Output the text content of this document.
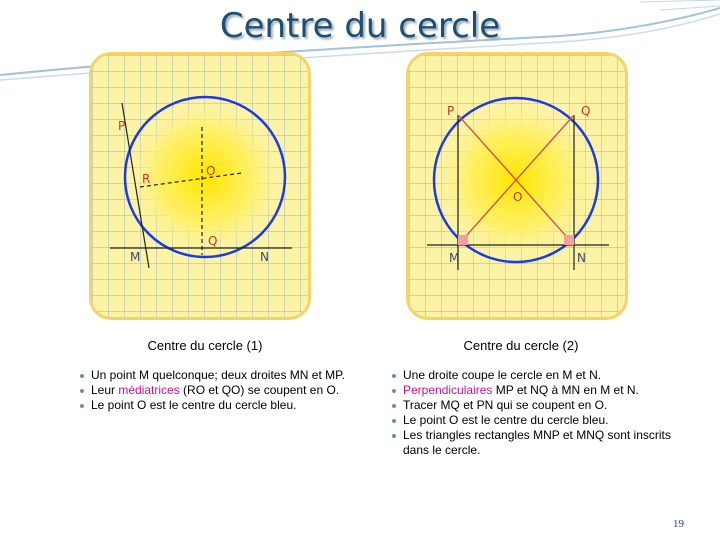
Centre du cercle
P
R
O
Q
M	N
P	Q
O
M	N
Centre du cercle (1)	Centre du cercle (2)
Un point M quelconque; deux droites MN et MP.
Leur médiatrices (RO et QO) se coupent en O.
Le point O est le centre du cercle bleu.
Une droite coupe le cercle en M et N.
Perpendiculaires MP et NQ à MN en M et N.
Tracer MQ et PN qui se coupent en O.
Le point O est le centre du cercle bleu.
Les triangles rectangles MNP et MNQ sont inscrits dans le cercle.
19
